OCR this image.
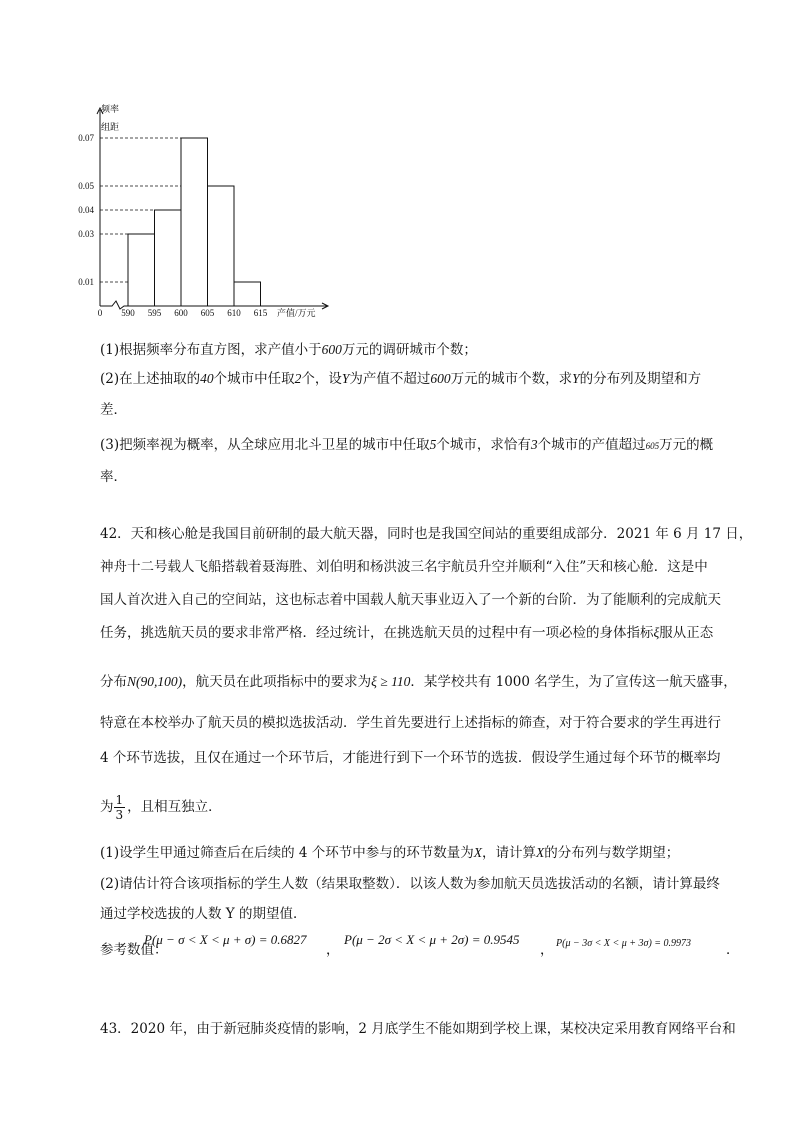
频率
组距
0.01
0.03
0.04
0.05
0.07
590 595 600 605 610 615
0	产值/万元
(1)根据频率分布直方图，求产值小于600万元的调研城市个数；
(2)在上述抽取的40个城市中任取2个，设Y为产值不超过600万元的城市个数，求Y的分布列及期望和方
差．
(3)把频率视为概率，从全球应用北斗卫星的城市中任取5个城市，求恰有3个城市的产值超过605万元的概
率．
42．天和核心舱是我国目前研制的最大航天器，同时也是我国空间站的重要组成部分．2021 年 6 月 17 日，
神舟十二号载人飞船搭载着聂海胜、刘伯明和杨洪波三名宇航员升空并顺利“入住”天和核心舱．这是中
国人首次进入自己的空间站，这也标志着中国载人航天事业迈入了一个新的台阶．为了能顺利的完成航天
任务，挑选航天员的要求非常严格．经过统计，在挑选航天员的过程中有一项必检的身体指标ξ服从正态
分布N(90,100)，航天员在此项指标中的要求为ξ ≥ 110．某学校共有 1000 名学生，为了宣传这一航天盛事，
特意在本校举办了航天员的模拟选拔活动．学生首先要进行上述指标的筛查，对于符合要求的学生再进行
4 个环节选拔，且仅在通过一个环节后，才能进行到下一个环节的选拔．假设学生通过每个环节的概率均
为 $\frac{1}{3}$ ，且相互独立．
(1)设学生甲通过筛查后在后续的 4 个环节中参与的环节数量为X，请计算X的分布列与数学期望；
(2)请估计符合该项指标的学生人数（结果取整数）．以该人数为参加航天员选拔活动的名额，请计算最终
通过学校选拔的人数 Y 的期望值．
参考数值：
P(μ − σ < X < μ + σ) = 0.6827
，
P(μ − 2σ < X < μ + 2σ) = 0.9545
， P(μ − 3σ < X < μ + 3σ) = 0.9973	．
43．2020 年，由于新冠肺炎疫情的影响，2 月底学生不能如期到学校上课，某校决定采用教育网络平台和
